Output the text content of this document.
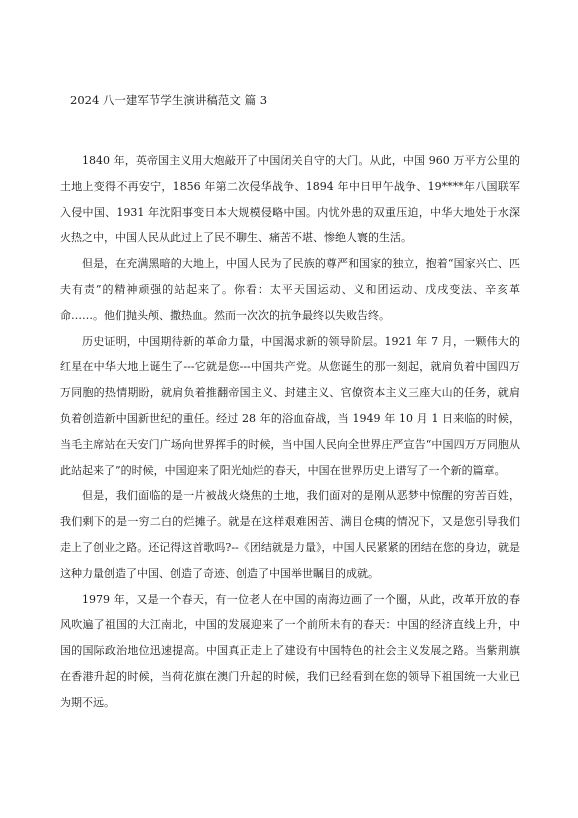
2024 八一建军节学生演讲稿范文 篇 3

1840 年，英帝国主义用大炮敲开了中国闭关自守的大门。从此，中国 960 万平方公里的土地上变得不再安宁，1856 年第二次侵华战争、1894 年中日甲午战争、19****年八国联军入侵中国、1931 年沈阳事变日本大规模侵略中国。内忧外患的双重压迫，中华大地处于水深火热之中，中国人民从此过上了民不聊生、痛苦不堪、惨绝人寰的生活。

但是，在充满黑暗的大地上，中国人民为了民族的尊严和国家的独立，抱着“国家兴亡、匹夫有责”的精神顽强的站起来了。你看：太平天国运动、义和团运动、戊戌变法、辛亥革命……。他们抛头颅、撒热血。然而一次次的抗争最终以失败告终。

历史证明，中国期待新的革命力量，中国渴求新的领导阶层。1921 年 7 月，一颗伟大的红星在中华大地上诞生了---它就是您---中国共产党。从您诞生的那一刻起，就肩负着中国四万万同胞的热情期盼，就肩负着推翻帝国主义、封建主义、官僚资本主义三座大山的任务，就肩负着创造新中国新世纪的重任。经过 28 年的浴血奋战，当 1949 年 10 月 1 日来临的时候，当毛主席站在天安门广场向世界挥手的时候，当中国人民向全世界庄严宣告“中国四万万同胞从此站起来了”的时候，中国迎来了阳光灿烂的春天，中国在世界历史上谱写了一个新的篇章。

但是，我们面临的是一片被战火烧焦的土地，我们面对的是刚从恶梦中惊醒的穷苦百姓，我们剩下的是一穷二白的烂摊子。就是在这样艰难困苦、满目仓痍的情况下，又是您引导我们走上了创业之路。还记得这首歌吗?--《团结就是力量》，中国人民紧紧的团结在您的身边，就是这种力量创造了中国、创造了奇迹、创造了中国举世瞩目的成就。

1979 年，又是一个春天，有一位老人在中国的南海边画了一个圈，从此，改革开放的春风吹遍了祖国的大江南北，中国的发展迎来了一个前所未有的春天：中国的经济直线上升，中国的国际政治地位迅速提高。中国真正走上了建设有中国特色的社会主义发展之路。当紫荆旗在香港升起的时候，当荷花旗在澳门升起的时候，我们已经看到在您的领导下祖国统一大业已为期不远。
